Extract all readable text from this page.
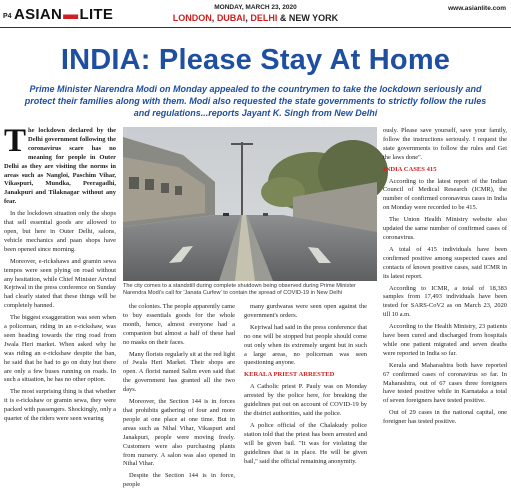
P4 ASIAN ▬ LITE	MONDAY, MARCH 23, 2020
LONDON, DUBAI, DELHI & NEW YORK
www.asianlite.com
INDIA: Please Stay At Home
Prime Minister Narendra Modi on Monday appealed to the countrymen to take the lockdown seriously and protect their families along with them. Modi also requested the state governments to strictly follow the rules and regulations...reports Jayant K. Singh from New Delhi

The lockdown declared by the Delhi government following the coronavirus scare has no meaning for people in Outer Delhi as they are visiting the norms in areas such as Nangloi, Paschim Vihar, Vikaspuri, Mundka, Peeragadhi, Janakpuri and Tilaknagar without any fear.

In the lockdown situation only the shops that sell essential goods are allowed to open, but here in Outer Delhi, salons, vehicle mechanics and paan shops have been opened since morning.

Moreover, e-rickshaws and gramin sewa tempos were seen plying on road without any hesitation, while Chief Minister Arvind Kejriwal in the press conference on Sunday had clearly stated that these things will be completely banned.

The biggest exaggeration was seen when a policeman, riding in an e-rickshaw, was seen heading towards the ring road from Jwala Heri market. When asked why he was riding an e-rickshaw despite the ban, he said that he had to go on duty but there are only a few buses running on roads. In such a situation, he has no other option.

The most surprising thing is that whether it is e-rickshaw or gramin sewa, they were packed with passengers. Shockingly, only a quarter of the riders were seen wearing

The city comes to a standstill during complete shutdown being observed during Prime Minister Narendra Modi's call for 'Janata Curfew' to contain the spread of COVID-19 in New Delhi

the colonies. The people apparently came to buy essentials goods for the whole month, hence, almost everyone had a companion but almost a half of these had no masks on their faces.

Many florists regularly sit at the red light of Jwala Heri Market. Their shops are open. A florist named Salim even said that the government has granted all the two days.

Moreover, the Section 144 is in forces that prohibits gathering of four and more people at one place at one time. But in areas such as Nihal Vihar, Vikaspuri and Janakpuri, people were moving freely. Customers were also purchasing plants from nursery. A salon was also opened in Nihal Vihar.

Despite the Section 144 is in force, people

many gurdwaras were seen open against the government's orders.

Kejriwal had said in the press conference that no one will be stopped but people should come out only when its extremely urgent but in such a large areas, no policeman was seen questioning anyone.

KERALA PRIEST ARRESTED

A Catholic priest P. Pauly was on Monday arrested by the police here, for breaking the guidelines put out on account of COVID-19 by the district authorities, said the police.

A police official of the Chalakudy police station told that the priest has been arrested and will be given bail. "It was for violating the guidelines that is in place. He will be given bail," said the official remaining anonymity.

ously. Please save yourself, save your family, follow the instructions seriously. I request the state governments to follow the rules and Get the laws done".

INDIA CASES 415

According to the latest report of the Indian Council of Medical Research (ICMR), the number of confirmed coronavirus cases in India on Monday were recorded to be 415.

The Union Health Ministry website also updated the same number of confirmed cases of coronavirus.

A total of 415 individuals have been confirmed positive among suspected cases and contacts of known positive cases, said ICMR in its latest report.

According to ICMR, a total of 18,383 samples from 17,493 individuals have been tested for SARS-CoV2 as on March 23, 2020 till 10 a.m.

According to the Health Ministry, 23 patients have been cured and discharged from hospitals while one patient migrated and seven deaths were reported in India so far.

Kerala and Maharashtra both have reported 67 confirmed cases of coronavirus so far. In Maharashtra, out of 67 cases three foreigners have tested positive while in Karnataka a total of seven foreigners have tested positive.

Out of 29 cases in the national capital, one foreigner has tested positive.
